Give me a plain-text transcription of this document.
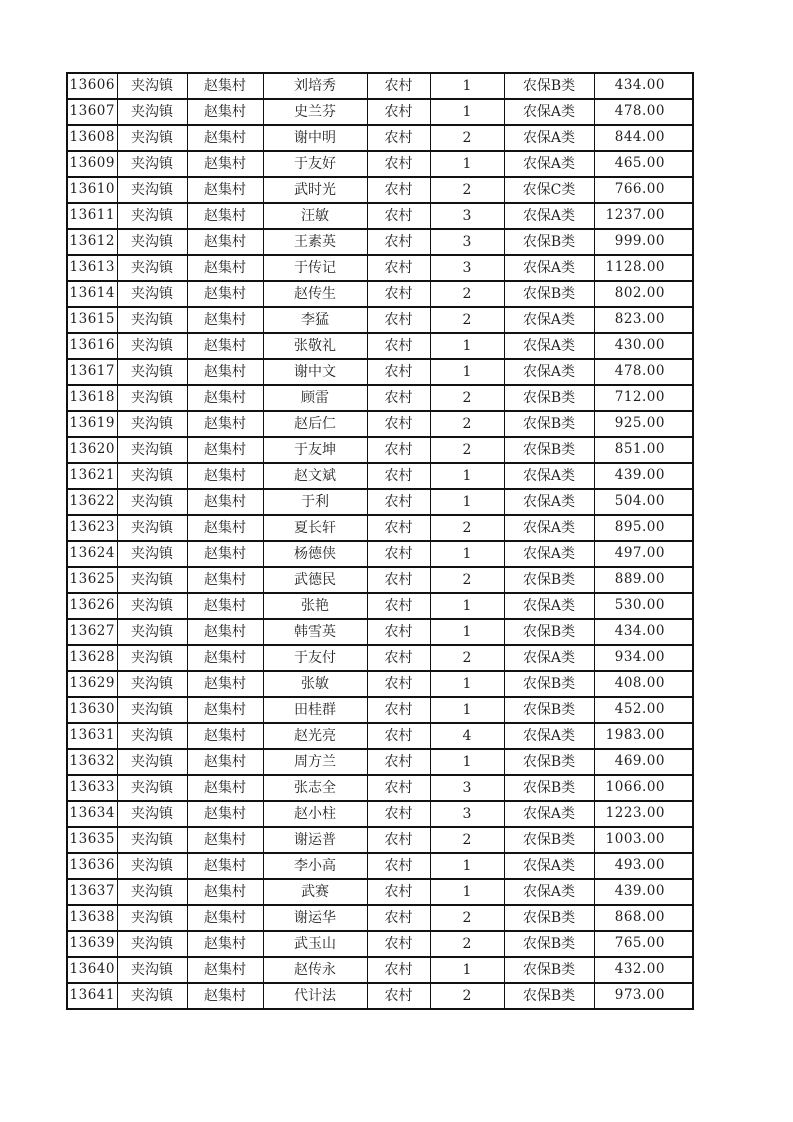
13606	夹沟镇	赵集村	刘培秀	农村	1	农保B类	434.00
13607	夹沟镇	赵集村	史兰芬	农村	1	农保A类	478.00
13608	夹沟镇	赵集村	谢中明	农村	2	农保A类	844.00
13609	夹沟镇	赵集村	于友好	农村	1	农保A类	465.00
13610	夹沟镇	赵集村	武时光	农村	2	农保C类	766.00
13611	夹沟镇	赵集村	汪敏	农村	3	农保A类	1237.00
13612	夹沟镇	赵集村	王素英	农村	3	农保B类	999.00
13613	夹沟镇	赵集村	于传记	农村	3	农保A类	1128.00
13614	夹沟镇	赵集村	赵传生	农村	2	农保B类	802.00
13615	夹沟镇	赵集村	李猛	农村	2	农保A类	823.00
13616	夹沟镇	赵集村	张敬礼	农村	1	农保A类	430.00
13617	夹沟镇	赵集村	谢中文	农村	1	农保A类	478.00
13618	夹沟镇	赵集村	顾雷	农村	2	农保B类	712.00
13619	夹沟镇	赵集村	赵后仁	农村	2	农保B类	925.00
13620	夹沟镇	赵集村	于友坤	农村	2	农保B类	851.00
13621	夹沟镇	赵集村	赵文斌	农村	1	农保A类	439.00
13622	夹沟镇	赵集村	于利	农村	1	农保A类	504.00
13623	夹沟镇	赵集村	夏长轩	农村	2	农保A类	895.00
13624	夹沟镇	赵集村	杨德侠	农村	1	农保A类	497.00
13625	夹沟镇	赵集村	武德民	农村	2	农保B类	889.00
13626	夹沟镇	赵集村	张艳	农村	1	农保A类	530.00
13627	夹沟镇	赵集村	韩雪英	农村	1	农保B类	434.00
13628	夹沟镇	赵集村	于友付	农村	2	农保A类	934.00
13629	夹沟镇	赵集村	张敏	农村	1	农保B类	408.00
13630	夹沟镇	赵集村	田桂群	农村	1	农保B类	452.00
13631	夹沟镇	赵集村	赵光亮	农村	4	农保A类	1983.00
13632	夹沟镇	赵集村	周方兰	农村	1	农保B类	469.00
13633	夹沟镇	赵集村	张志全	农村	3	农保B类	1066.00
13634	夹沟镇	赵集村	赵小柱	农村	3	农保A类	1223.00
13635	夹沟镇	赵集村	谢运普	农村	2	农保B类	1003.00
13636	夹沟镇	赵集村	李小高	农村	1	农保A类	493.00
13637	夹沟镇	赵集村	武赛	农村	1	农保A类	439.00
13638	夹沟镇	赵集村	谢运华	农村	2	农保B类	868.00
13639	夹沟镇	赵集村	武玉山	农村	2	农保B类	765.00
13640	夹沟镇	赵集村	赵传永	农村	1	农保B类	432.00
13641	夹沟镇	赵集村	代计法	农村	2	农保B类	973.00
